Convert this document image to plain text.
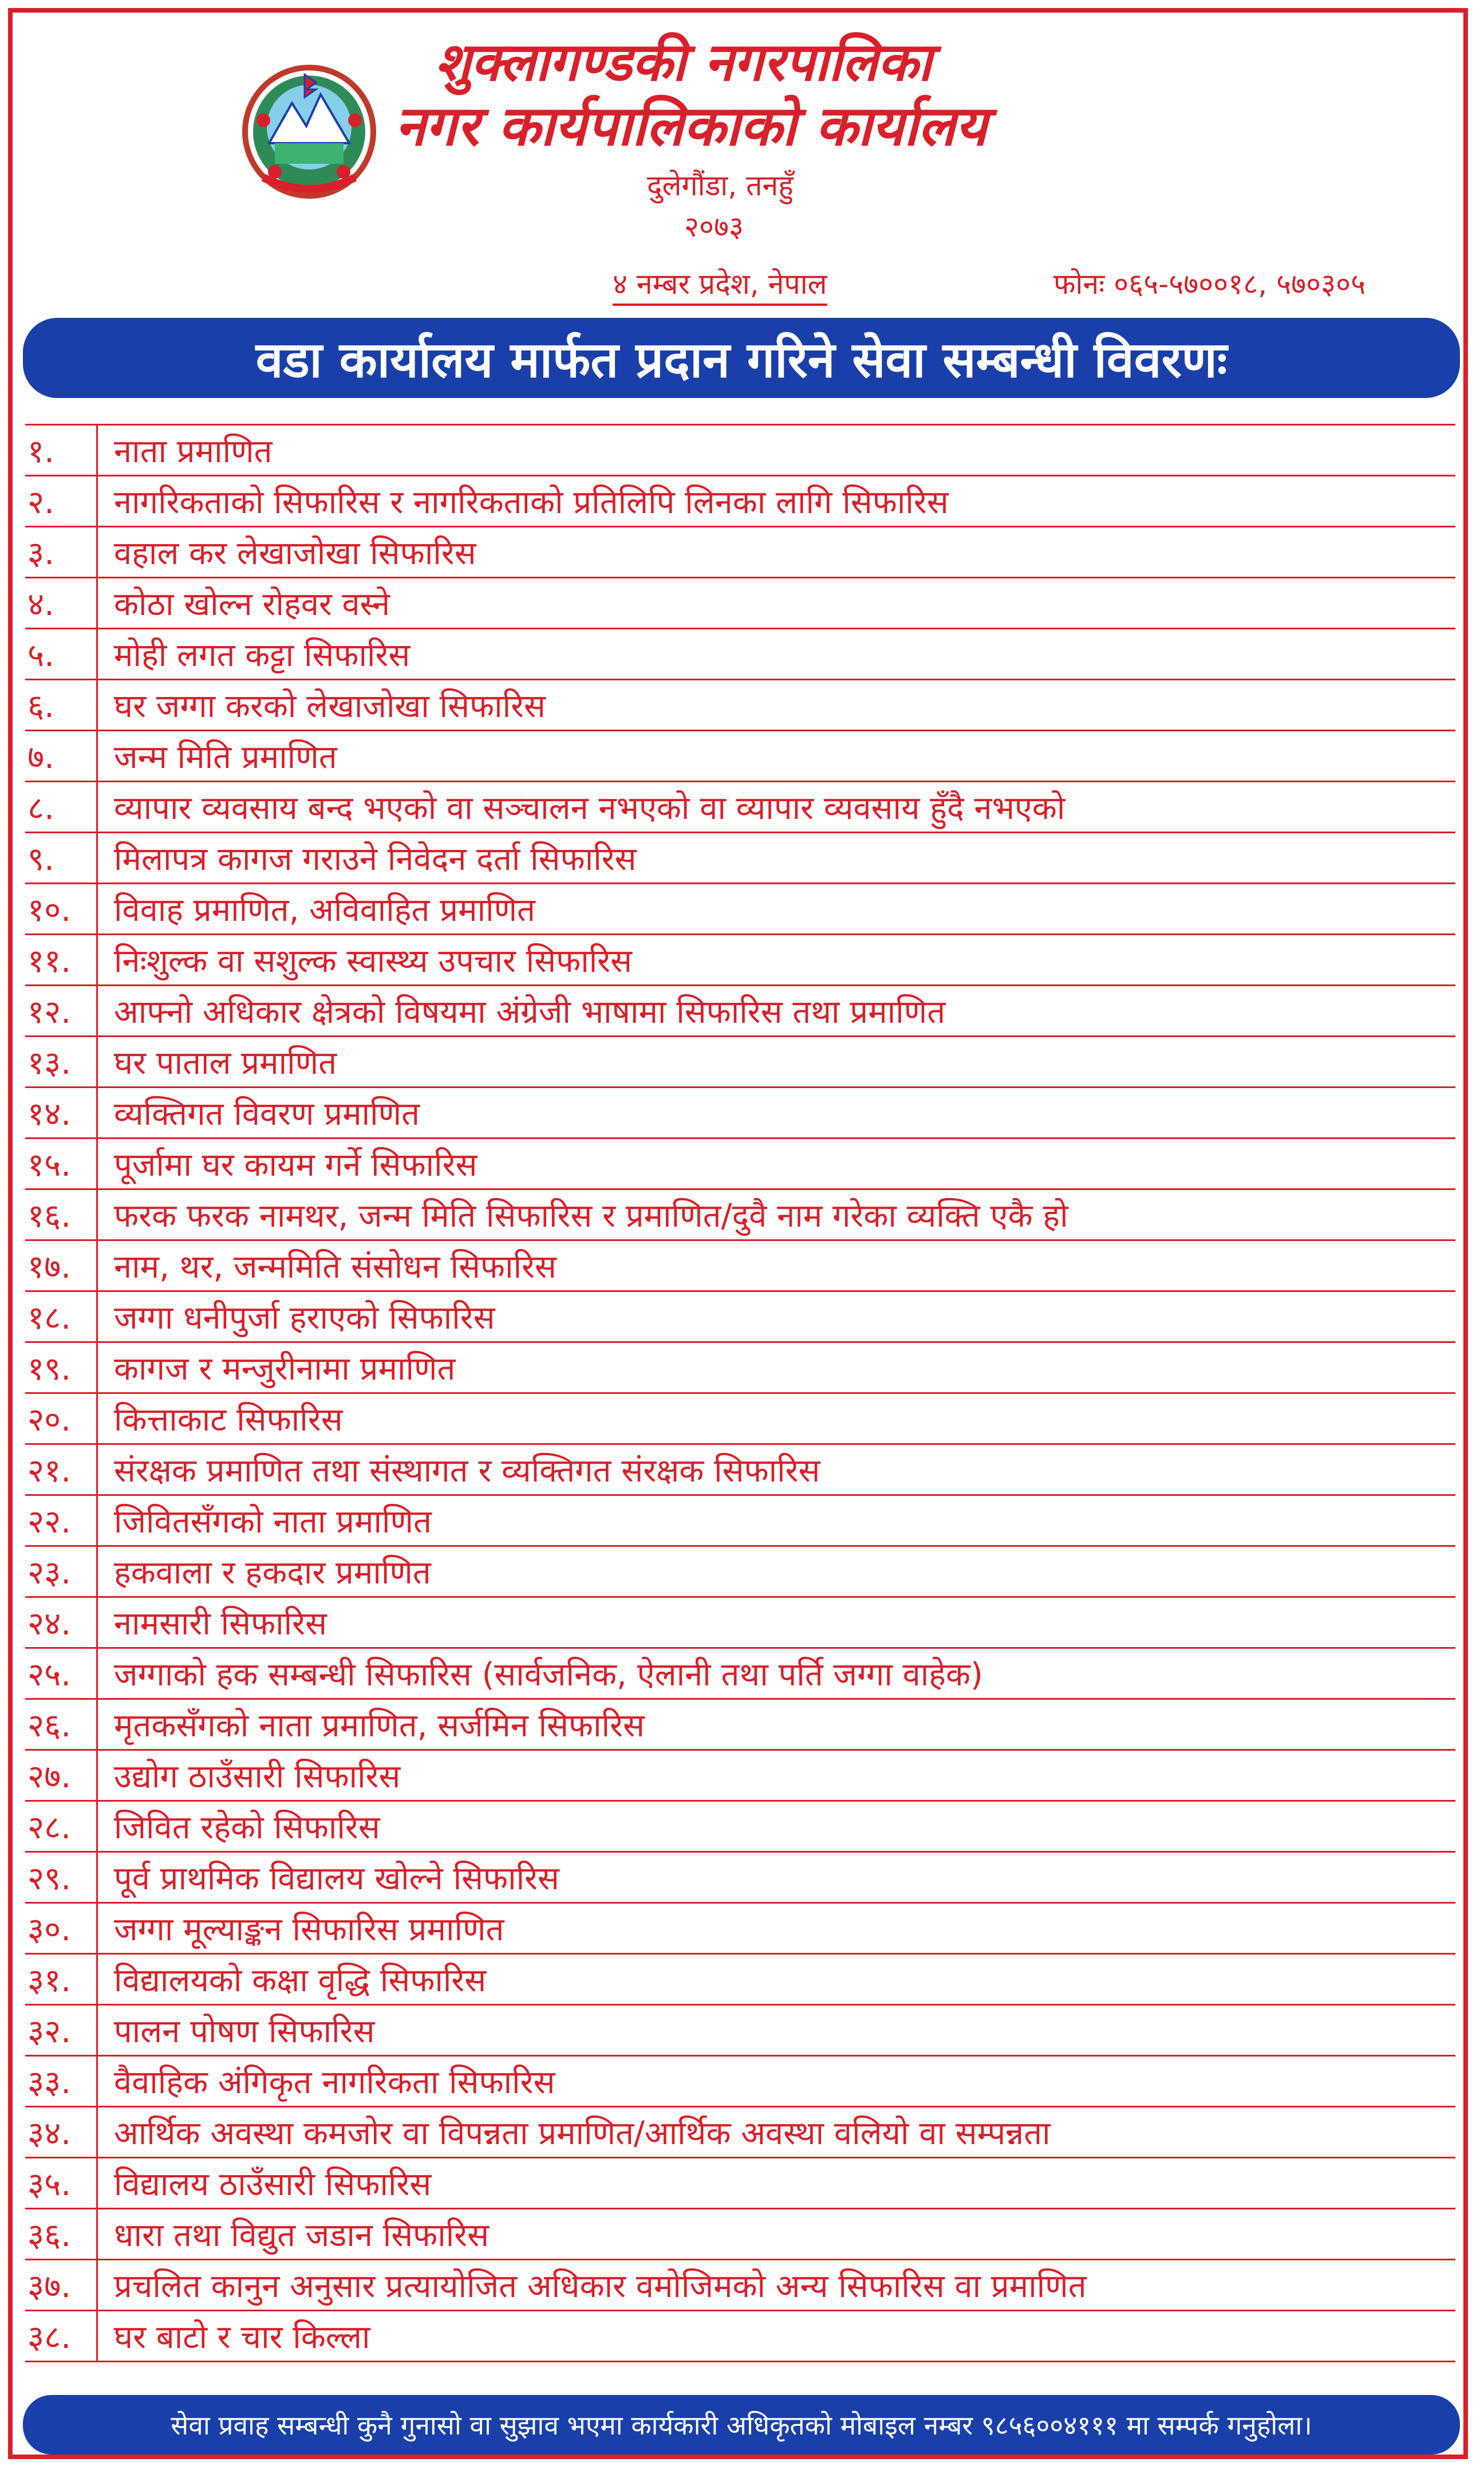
शुक्लागण्डकी नगरपालिका
नगर कार्यपालिकाको कार्यालय
दुलेगौंडा, तनहुँ
२०७३
४ नम्बर प्रदेश, नेपाल	फोनः ०६५-५७००१८, ५७०३०५
वडा कार्यालय मार्फत प्रदान गरिने सेवा सम्बन्धी विवरणः
१.	नाता प्रमाणित
२.	नागरिकताको सिफारिस र नागरिकताको प्रतिलिपि लिनका लागि सिफारिस
३.	वहाल कर लेखाजोखा सिफारिस
४.	कोठा खोल्न रोहवर वस्ने
५.	मोही लगत कट्टा सिफारिस
६.	घर जग्गा करको लेखाजोखा सिफारिस
७.	जन्म मिति प्रमाणित
८.	व्यापार व्यवसाय बन्द भएको वा सञ्चालन नभएको वा व्यापार व्यवसाय हुँदै नभएको
९.	मिलापत्र कागज गराउने निवेदन दर्ता सिफारिस
१०.	विवाह प्रमाणित, अविवाहित प्रमाणित
११.	निःशुल्क वा सशुल्क स्वास्थ्य उपचार सिफारिस
१२.	आफ्नो अधिकार क्षेत्रको विषयमा अंग्रेजी भाषामा सिफारिस तथा प्रमाणित
१३.	घर पाताल प्रमाणित
१४.	व्यक्तिगत विवरण प्रमाणित
१५.	पूर्जामा घर कायम गर्ने सिफारिस
१६.	फरक फरक नामथर, जन्म मिति सिफारिस र प्रमाणित/दुवै नाम गरेका व्यक्ति एकै हो
१७.	नाम, थर, जन्ममिति संसोधन सिफारिस
१८.	जग्गा धनीपुर्जा हराएको सिफारिस
१९.	कागज र मन्जुरीनामा प्रमाणित
२०.	कित्ताकाट सिफारिस
२१.	संरक्षक प्रमाणित तथा संस्थागत र व्यक्तिगत संरक्षक सिफारिस
२२.	जिवितसँगको नाता प्रमाणित
२३.	हकवाला र हकदार प्रमाणित
२४.	नामसारी सिफारिस
२५.	जग्गाको हक सम्बन्धी सिफारिस (सार्वजनिक, ऐलानी तथा पर्ति जग्गा वाहेक)
२६.	मृतकसँगको नाता प्रमाणित, सर्जमिन सिफारिस
२७.	उद्योग ठाउँसारी सिफारिस
२८.	जिवित रहेको सिफारिस
२९.	पूर्व प्राथमिक विद्यालय खोल्ने सिफारिस
३०.	जग्गा मूल्याङ्कन सिफारिस प्रमाणित
३१.	विद्यालयको कक्षा वृद्धि सिफारिस
३२.	पालन पोषण सिफारिस
३३.	वैवाहिक अंगिकृत नागरिकता सिफारिस
३४.	आर्थिक अवस्था कमजोर वा विपन्नता प्रमाणित/आर्थिक अवस्था वलियो वा सम्पन्नता
३५.	विद्यालय ठाउँसारी सिफारिस
३६.	धारा तथा विद्युत जडान सिफारिस
३७.	प्रचलित कानुन अनुसार प्रत्यायोजित अधिकार वमोजिमको अन्य सिफारिस वा प्रमाणित
३८.	घर बाटो र चार किल्ला
सेवा प्रवाह सम्बन्धी कुनै गुनासो वा सुझाव भएमा कार्यकारी अधिकृतको मोबाइल नम्बर ९८५६००४१११ मा सम्पर्क गनुहोला।
